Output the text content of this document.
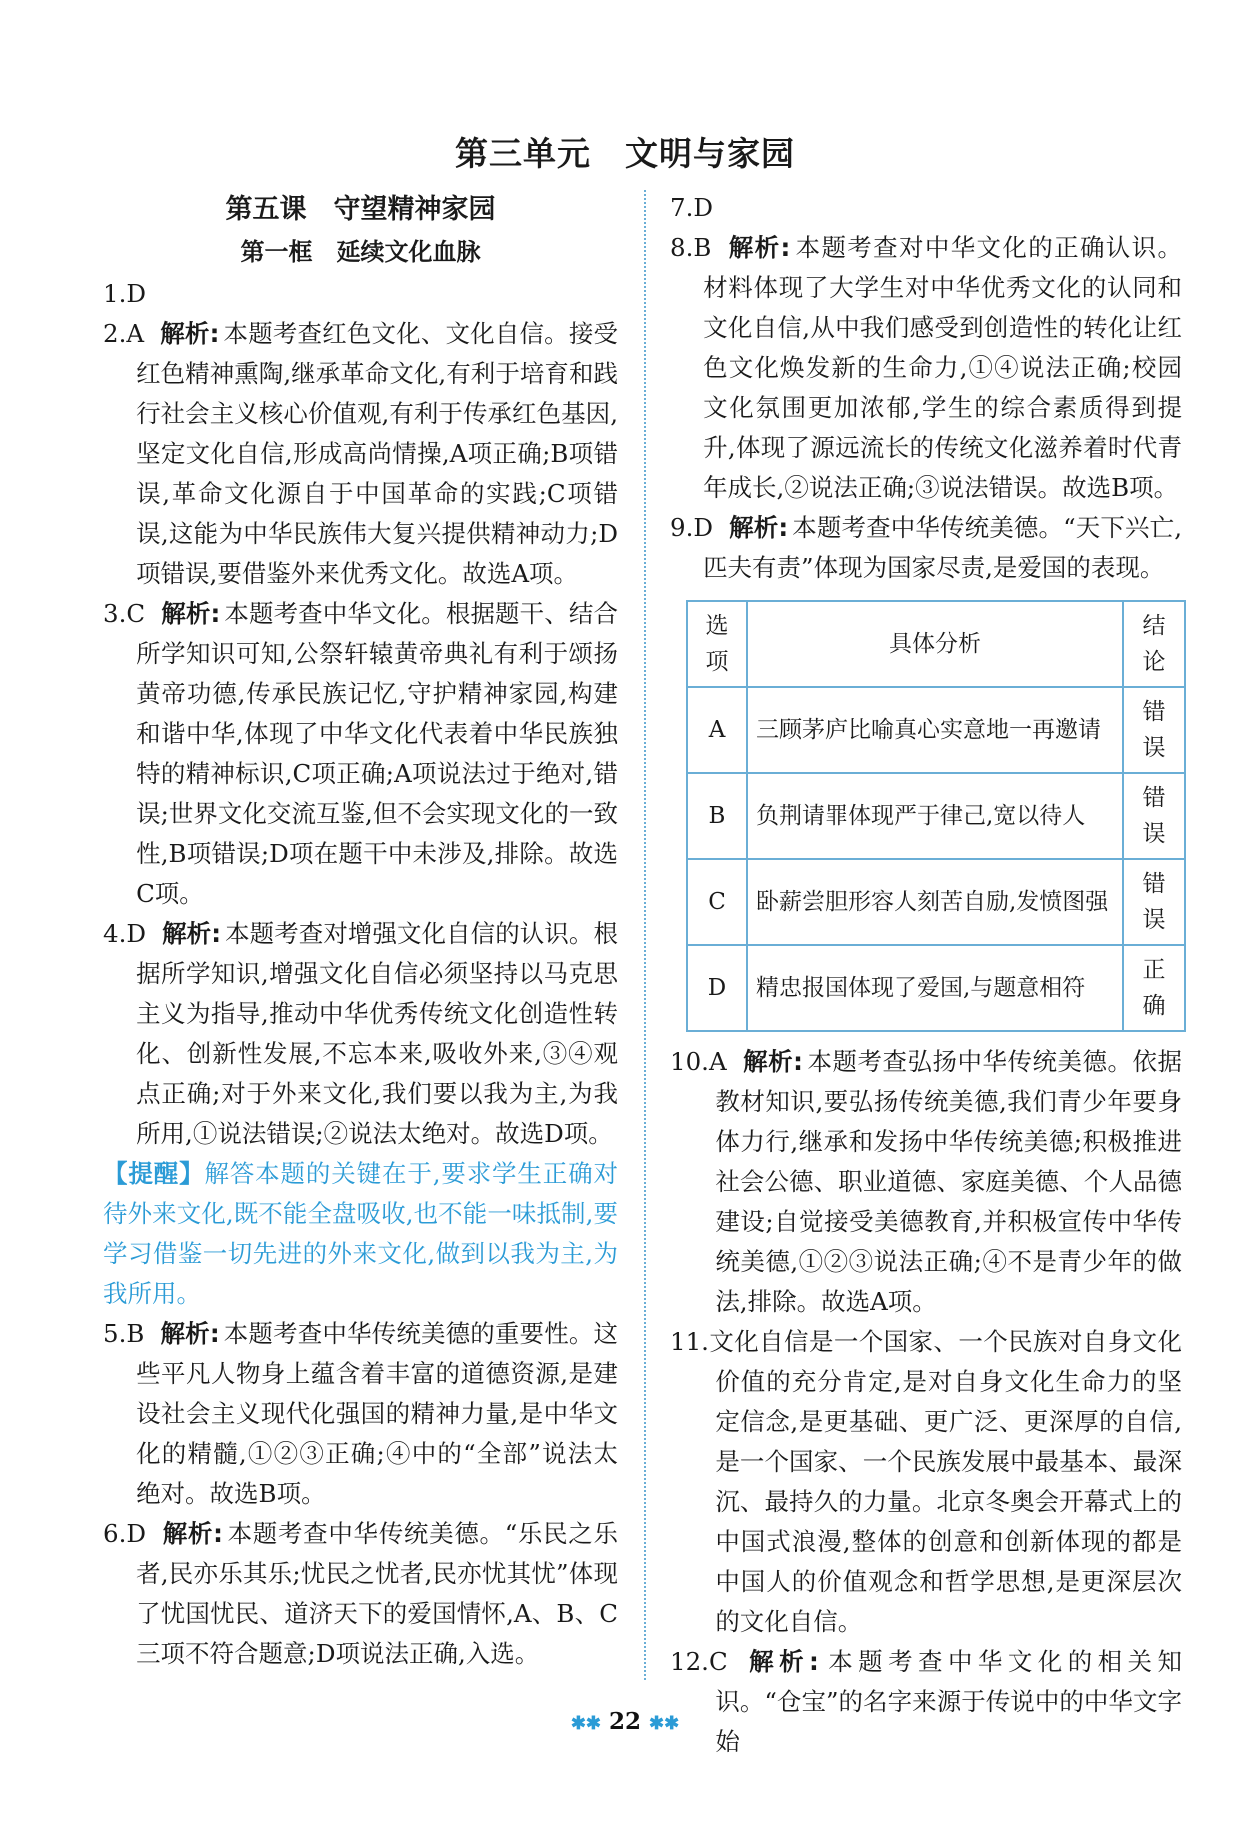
第三单元　文明与家园
第五课　守望精神家园
第一框　延续文化血脉
1.D
2.A 解析: 本题考查红色文化、文化自信。接受红色精神熏陶,继承革命文化,有利于培育和践行社会主义核心价值观,有利于传承红色基因,坚定文化自信,形成高尚情操,A项正确;B项错误,革命文化源自于中国革命的实践;C项错误,这能为中华民族伟大复兴提供精神动力;D项错误,要借鉴外来优秀文化。故选A项。
3.C 解析: 本题考查中华文化。根据题干、结合所学知识可知,公祭轩辕黄帝典礼有利于颂扬黄帝功德,传承民族记忆,守护精神家园,构建和谐中华,体现了中华文化代表着中华民族独特的精神标识,C项正确;A项说法过于绝对,错误;世界文化交流互鉴,但不会实现文化的一致性,B项错误;D项在题干中未涉及,排除。故选C项。
4.D 解析: 本题考查对增强文化自信的认识。根据所学知识,增强文化自信必须坚持以马克思主义为指导,推动中华优秀传统文化创造性转化、创新性发展,不忘本来,吸收外来,③④观点正确;对于外来文化,我们要以我为主,为我所用,①说法错误;②说法太绝对。故选D项。
【提醒】解答本题的关键在于,要求学生正确对待外来文化,既不能全盘吸收,也不能一味抵制,要学习借鉴一切先进的外来文化,做到以我为主,为我所用。
5.B 解析: 本题考查中华传统美德的重要性。这些平凡人物身上蕴含着丰富的道德资源,是建设社会主义现代化强国的精神力量,是中华文化的精髓,①②③正确;④中的“全部”说法太绝对。故选B项。
6.D 解析: 本题考查中华传统美德。“乐民之乐者,民亦乐其乐;忧民之忧者,民亦忧其忧”体现了忧国忧民、道济天下的爱国情怀,A、B、C三项不符合题意;D项说法正确,入选。
7.D
8.B 解析: 本题考查对中华文化的正确认识。材料体现了大学生对中华优秀文化的认同和文化自信,从中我们感受到创造性的转化让红色文化焕发新的生命力,①④说法正确;校园文化氛围更加浓郁,学生的综合素质得到提升,体现了源远流长的传统文化滋养着时代青年成长,②说法正确;③说法错误。故选B项。
9.D 解析: 本题考查中华传统美德。“天下兴亡,匹夫有责”体现为国家尽责,是爱国的表现。
选项	具体分析	结论
A	三顾茅庐比喻真心实意地一再邀请	错误
B	负荆请罪体现严于律己,宽以待人	错误
C	卧薪尝胆形容人刻苦自励,发愤图强	错误
D	精忠报国体现了爱国,与题意相符	正确
10.A 解析: 本题考查弘扬中华传统美德。依据教材知识,要弘扬传统美德,我们青少年要身体力行,继承和发扬中华传统美德;积极推进社会公德、职业道德、家庭美德、个人品德建设;自觉接受美德教育,并积极宣传中华传统美德,①②③说法正确;④不是青少年的做法,排除。故选A项。
11.文化自信是一个国家、一个民族对自身文化价值的充分肯定,是对自身文化生命力的坚定信念,是更基础、更广泛、更深厚的自信,是一个国家、一个民族发展中最基本、最深沉、最持久的力量。北京冬奥会开幕式上的中国式浪漫,整体的创意和创新体现的都是中国人的价值观念和哲学思想,是更深层次的文化自信。
12.C 解析: 本题考查中华文化的相关知识。“仓宝”的名字来源于传说中的中华文字始
✱✱ 22 ✱✱
